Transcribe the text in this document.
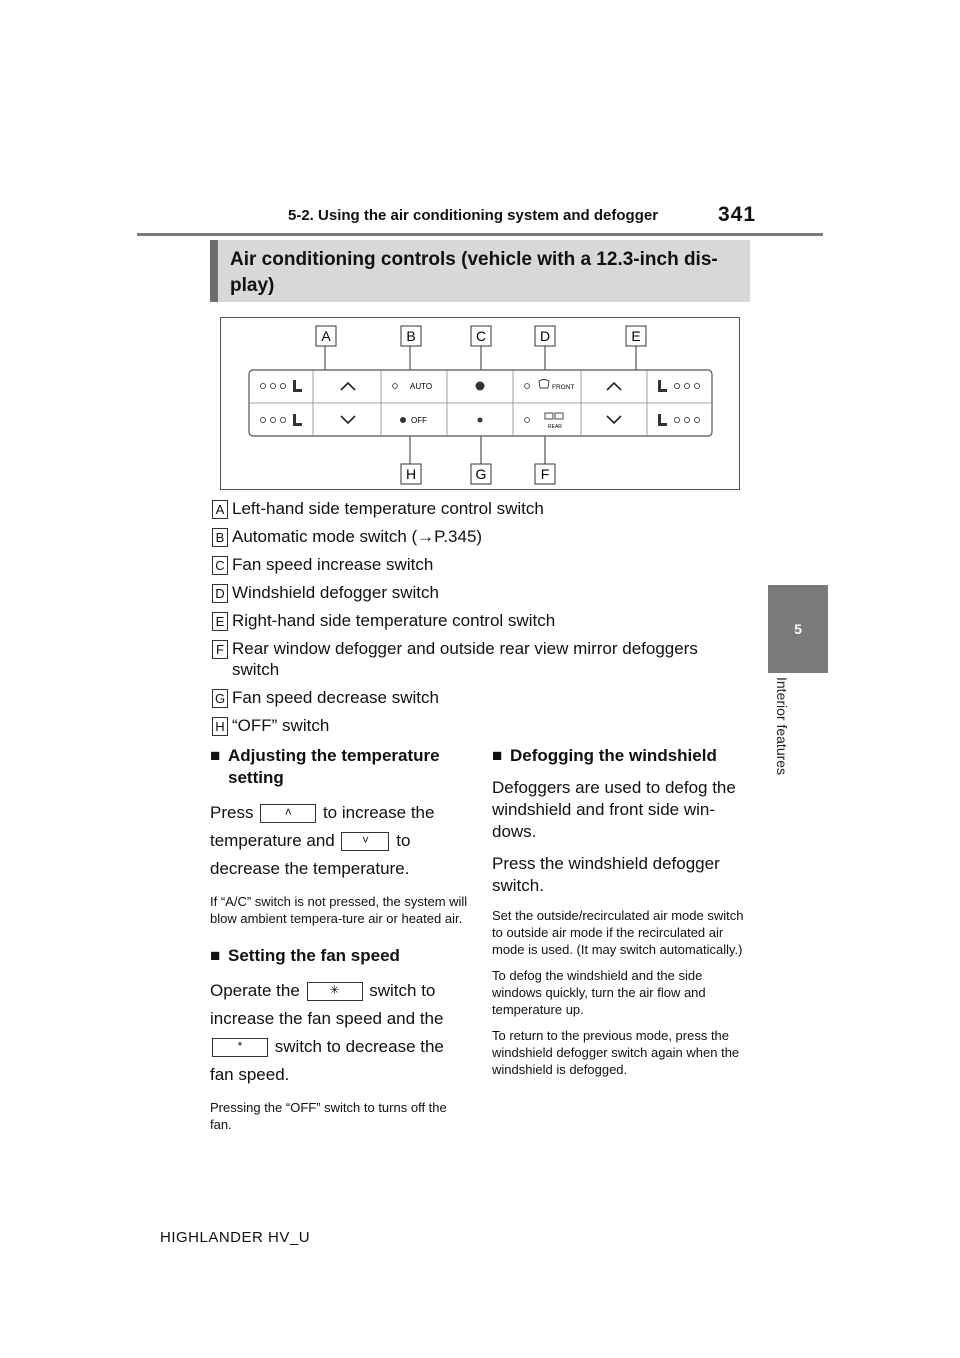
5-2. Using the air conditioning system and defogger	341
5
Interior features
Air conditioning controls (vehicle with a 12.3-inch dis-
play)
AUTO
OFF
FRONT
REAR
A	B	C	D	E
H	G	F
A Left-hand side temperature control switch
B Automatic mode switch (→P.345)
C Fan speed increase switch
D Windshield defogger switch
E Right-hand side temperature control switch
F Rear window defogger and outside rear view mirror defoggers switch
G Fan speed decrease switch
H “OFF” switch
■ Adjusting the temperature setting
Press	˄ to increase the temperature and ˅ to decrease the temperature.
If “A/C” switch is not pressed, the system will blow ambient tempera-ture air or heated air.
■ Setting the fan speed
Operate the ✳ switch to increase the fan speed and the * switch to decrease the fan speed.
Pressing the “OFF” switch to turns off the fan.
■ Defogging the windshield
Defoggers are used to defog the windshield and front side win-dows.
Press the windshield defogger switch.
Set the outside/recirculated air mode switch to outside air mode if the recirculated air mode is used. (It may switch automatically.)
To defog the windshield and the side windows quickly, turn the air flow and temperature up.
To return to the previous mode, press the windshield defogger switch again when the windshield is defogged.
HIGHLANDER HV_U
